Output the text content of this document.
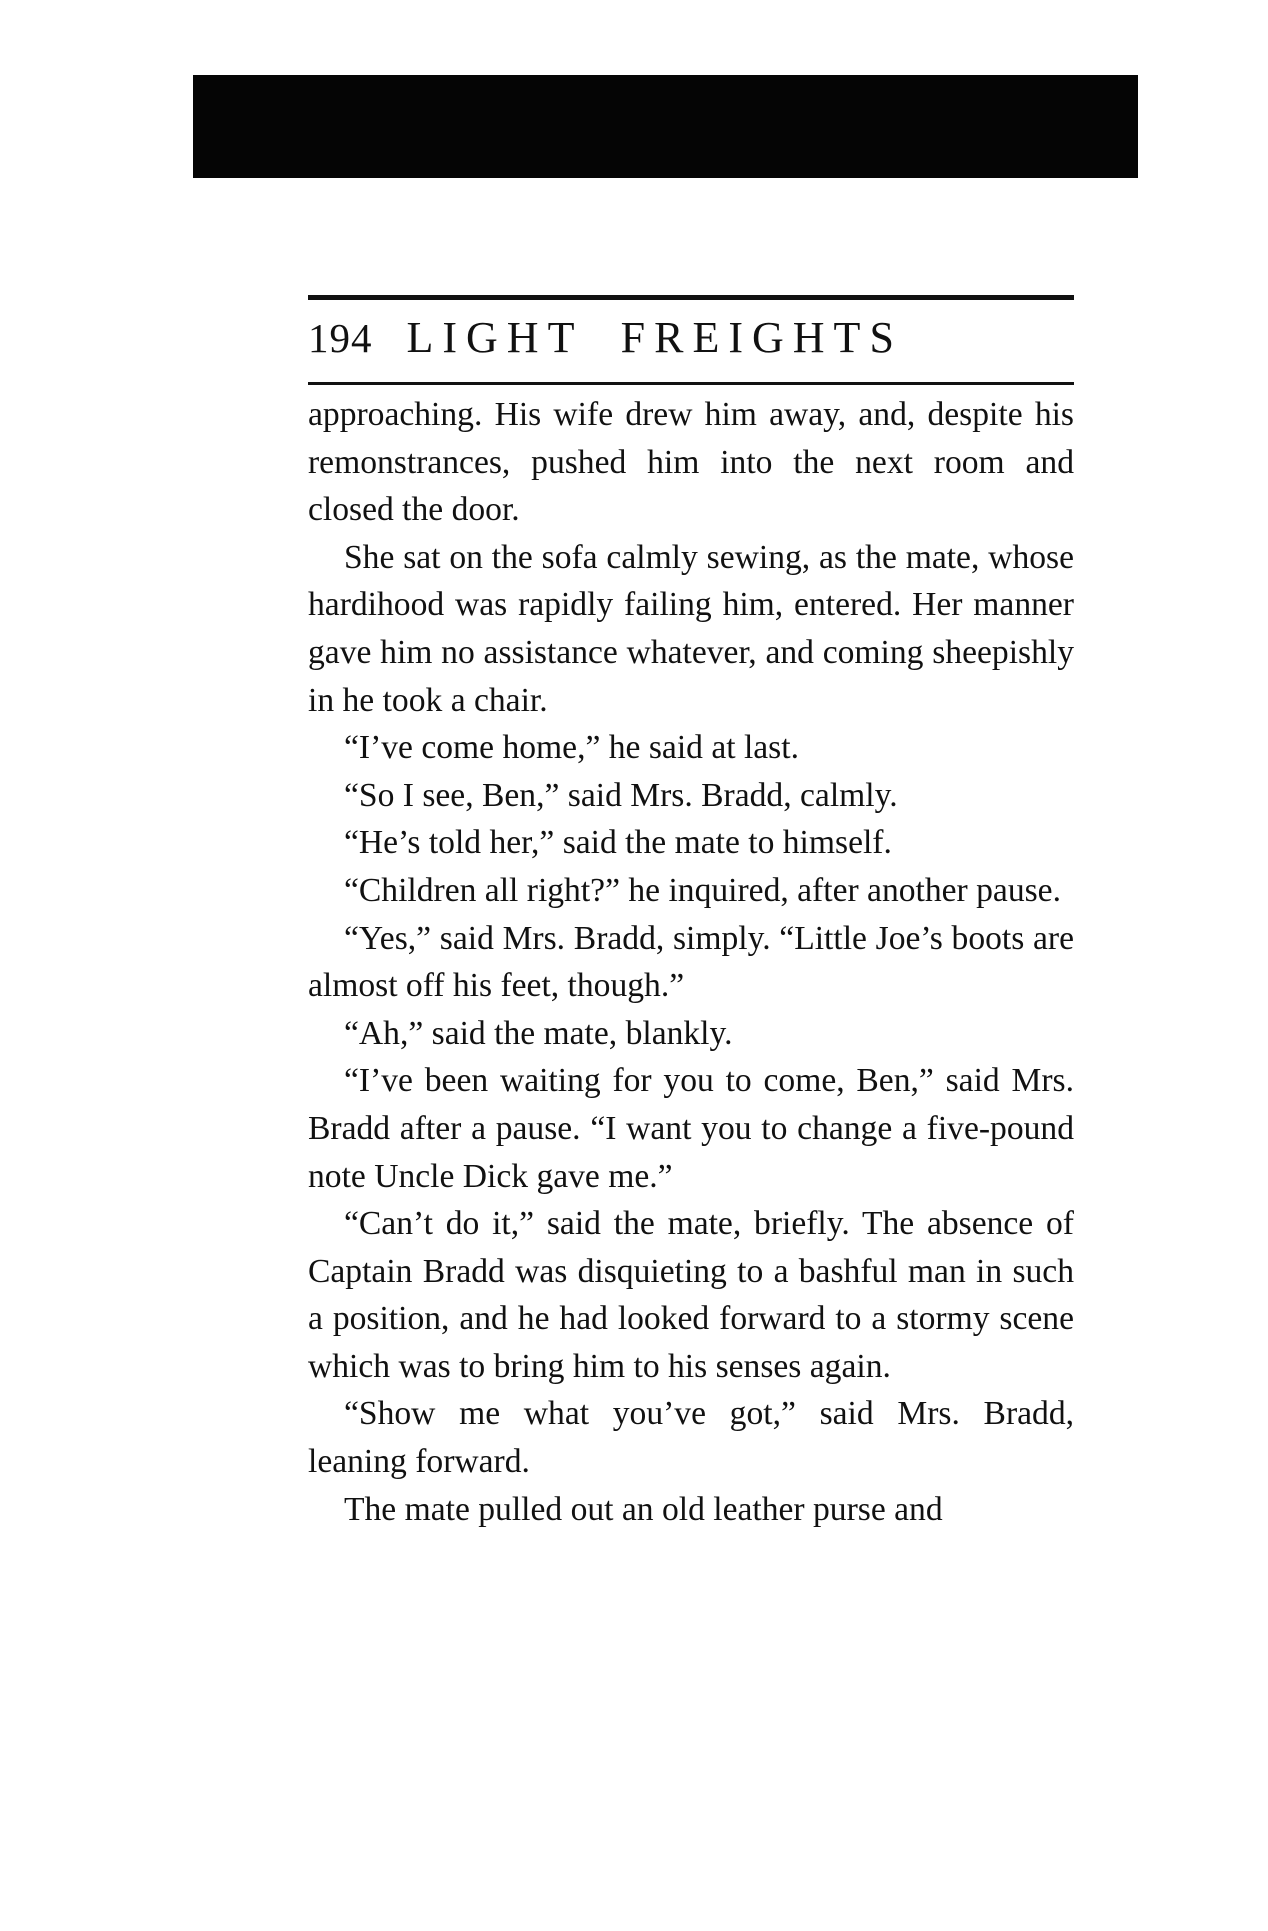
194 LIGHT FREIGHTS

approaching. His wife drew him away, and, despite his remonstrances, pushed him into the next room and closed the door.

She sat on the sofa calmly sewing, as the mate, whose hardihood was rapidly failing him, entered. Her manner gave him no assistance whatever, and coming sheepishly in he took a chair.

“I’ve come home,” he said at last.

“So I see, Ben,” said Mrs. Bradd, calmly.

“He’s told her,” said the mate to himself.

“Children all right?” he inquired, after another pause.

“Yes,” said Mrs. Bradd, simply. “Little Joe’s boots are almost off his feet, though.”

“Ah,” said the mate, blankly.

“I’ve been waiting for you to come, Ben,” said Mrs. Bradd after a pause. “I want you to change a five-pound note Uncle Dick gave me.”

“Can’t do it,” said the mate, briefly. The absence of Captain Bradd was disquieting to a bashful man in such a position, and he had looked forward to a stormy scene which was to bring him to his senses again.

“Show me what you’ve got,” said Mrs. Bradd, leaning forward.

The mate pulled out an old leather purse and
